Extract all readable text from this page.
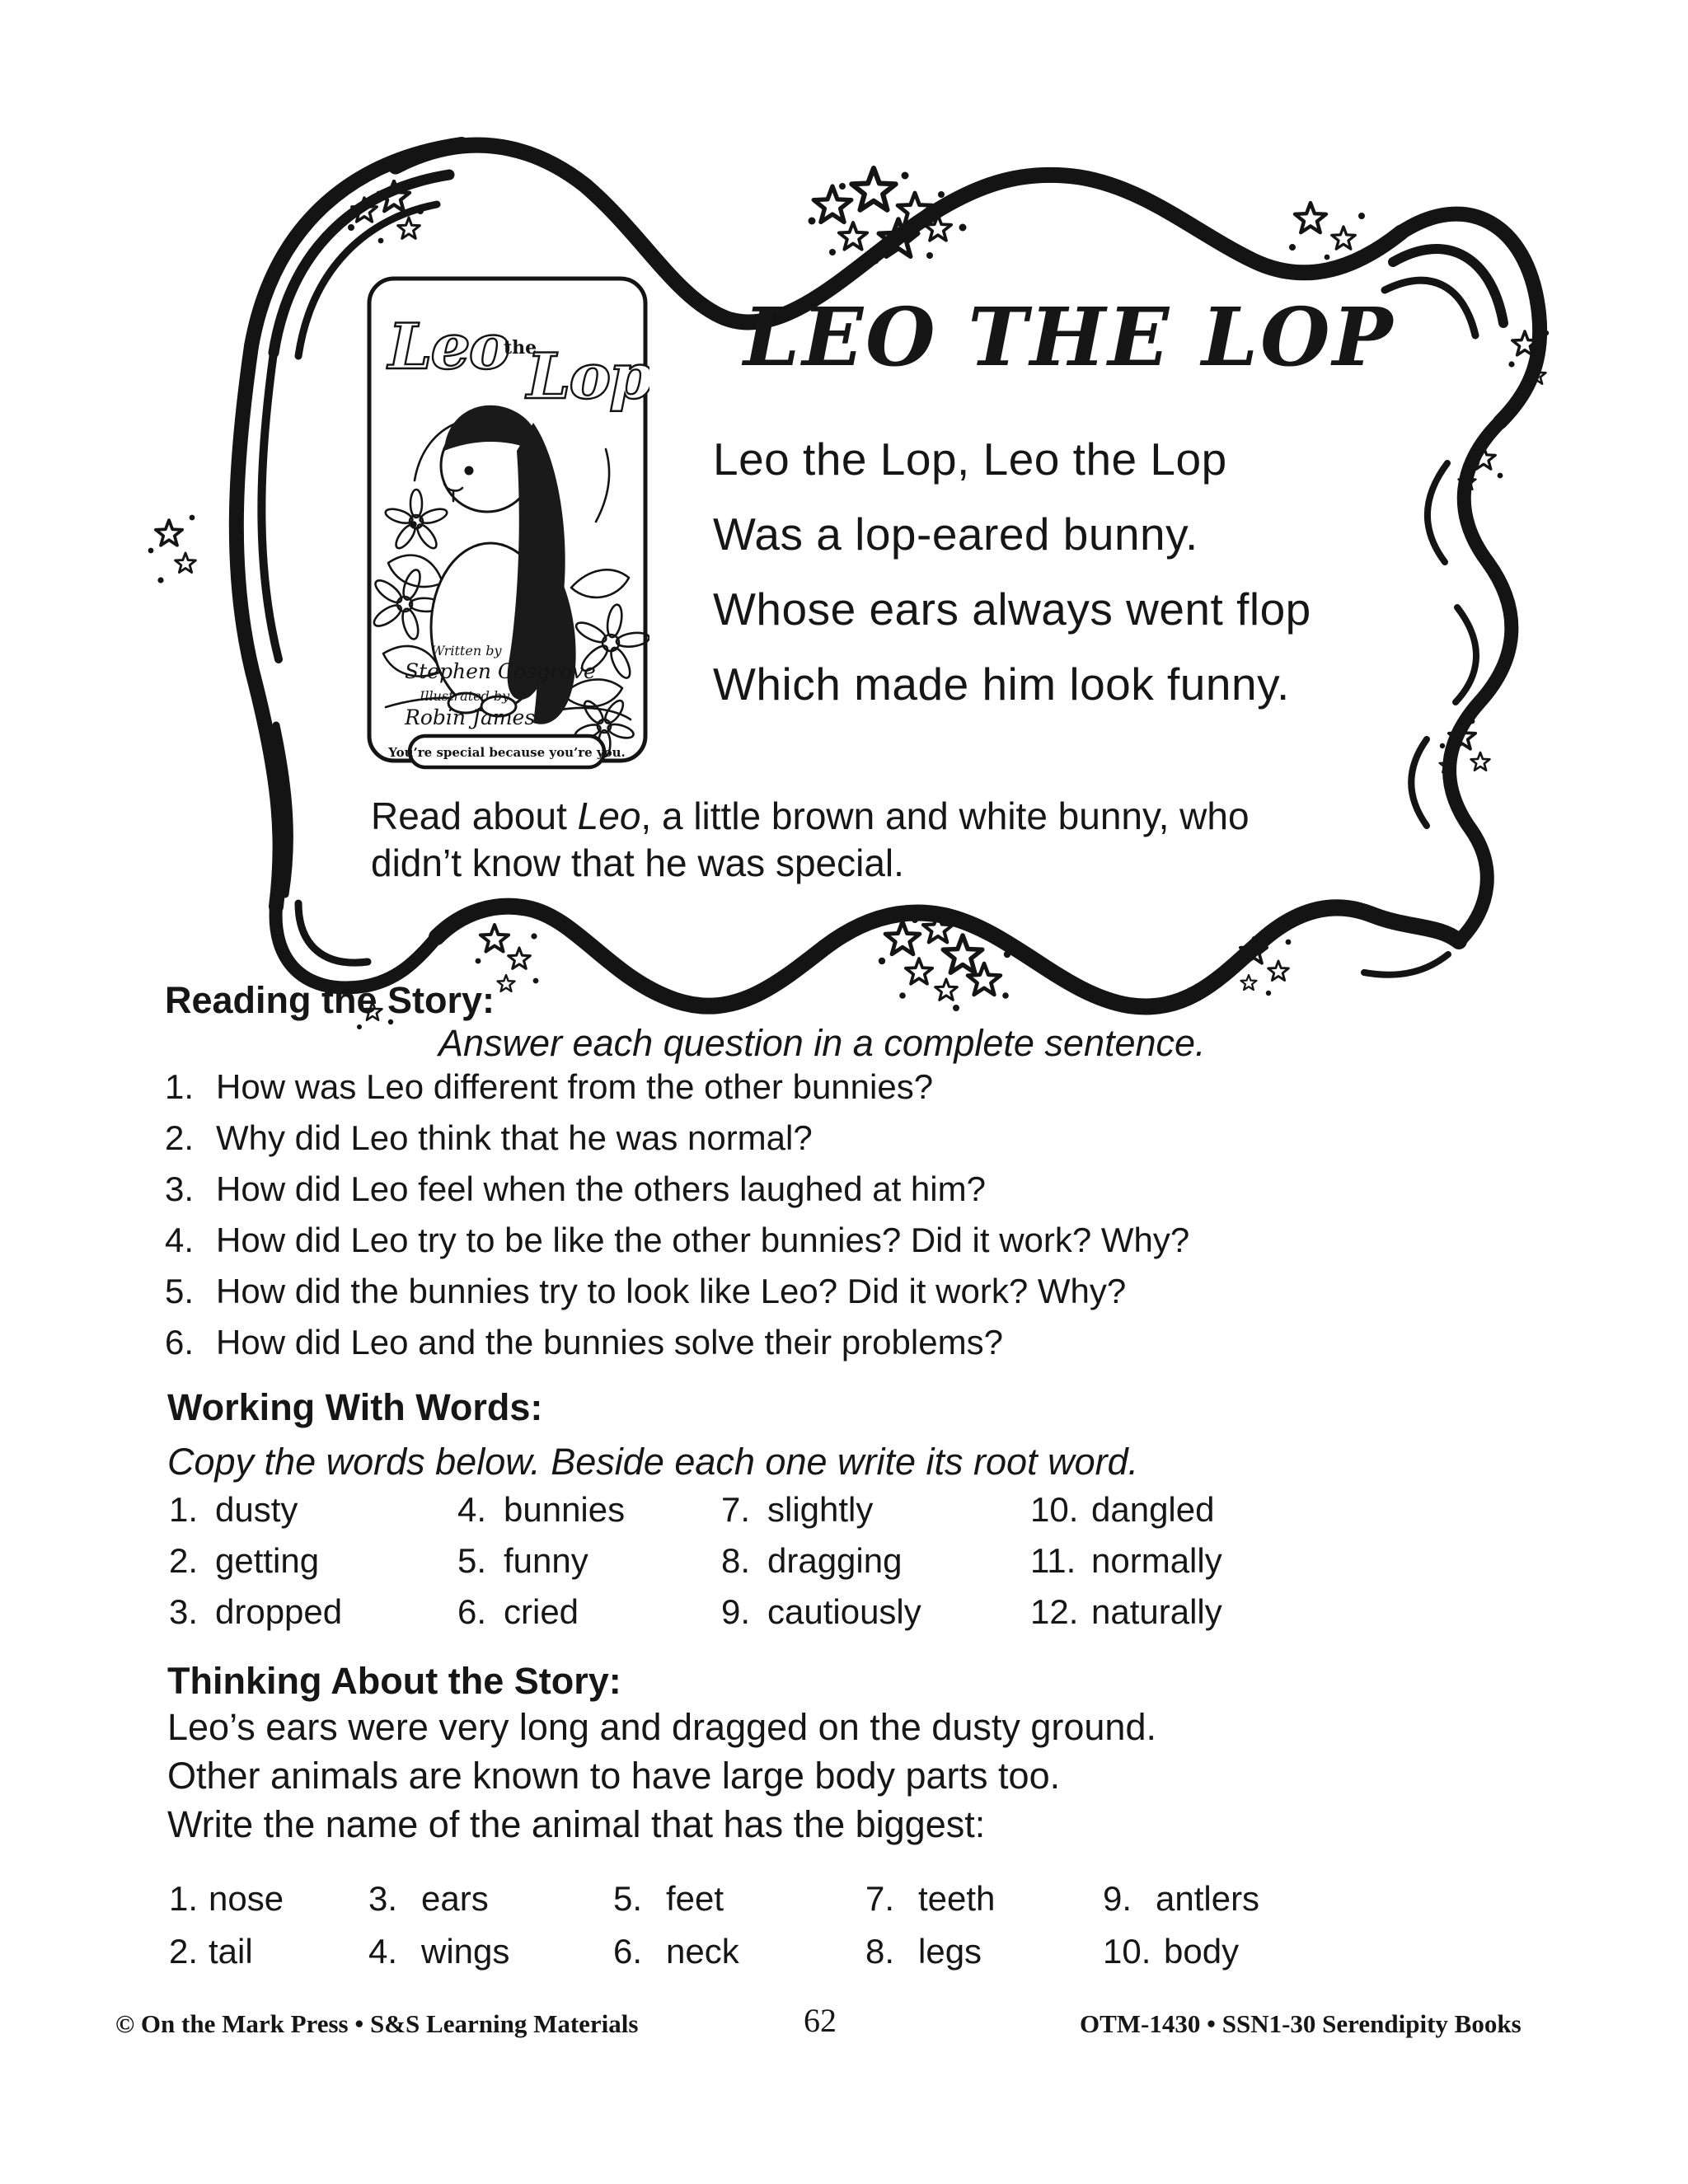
Leo
the
Lop
Written by
Stephen Cosgrove
Illustrated by
Robin James
You’re special because you’re you.
LEO THE LOP
Leo the Lop, Leo the Lop
Was a lop-eared bunny.
Whose ears always went flop
Which made him look funny.
Read about Leo, a little brown and white bunny, who
didn’t know that he was special.
Reading the Story:
Answer each question in a complete sentence.
1. How was Leo different from the other bunnies?
2. Why did Leo think that he was normal?
3. How did Leo feel when the others laughed at him?
4. How did Leo try to be like the other bunnies? Did it work? Why?
5. How did the bunnies try to look like Leo? Did it work? Why?
6. How did Leo and the bunnies solve their problems?
Working With Words:
Copy the words below. Beside each one write its root word.
1. dusty
2. getting
3. dropped
4. bunnies
5. funny
6. cried
7. slightly
8. dragging
9. cautiously
10. dangled
11. normally
12. naturally
Thinking About the Story:
Leo’s ears were very long and dragged on the dusty ground.
Other animals are known to have large body parts too.
Write the name of the animal that has the biggest:
1. nose
2. tail
3. ears
4. wings
5. feet
6. neck
7. teeth
8. legs
9. antlers
10. body
© On the Mark Press • S&S Learning Materials	62	OTM-1430 • SSN1-30 Serendipity Books
